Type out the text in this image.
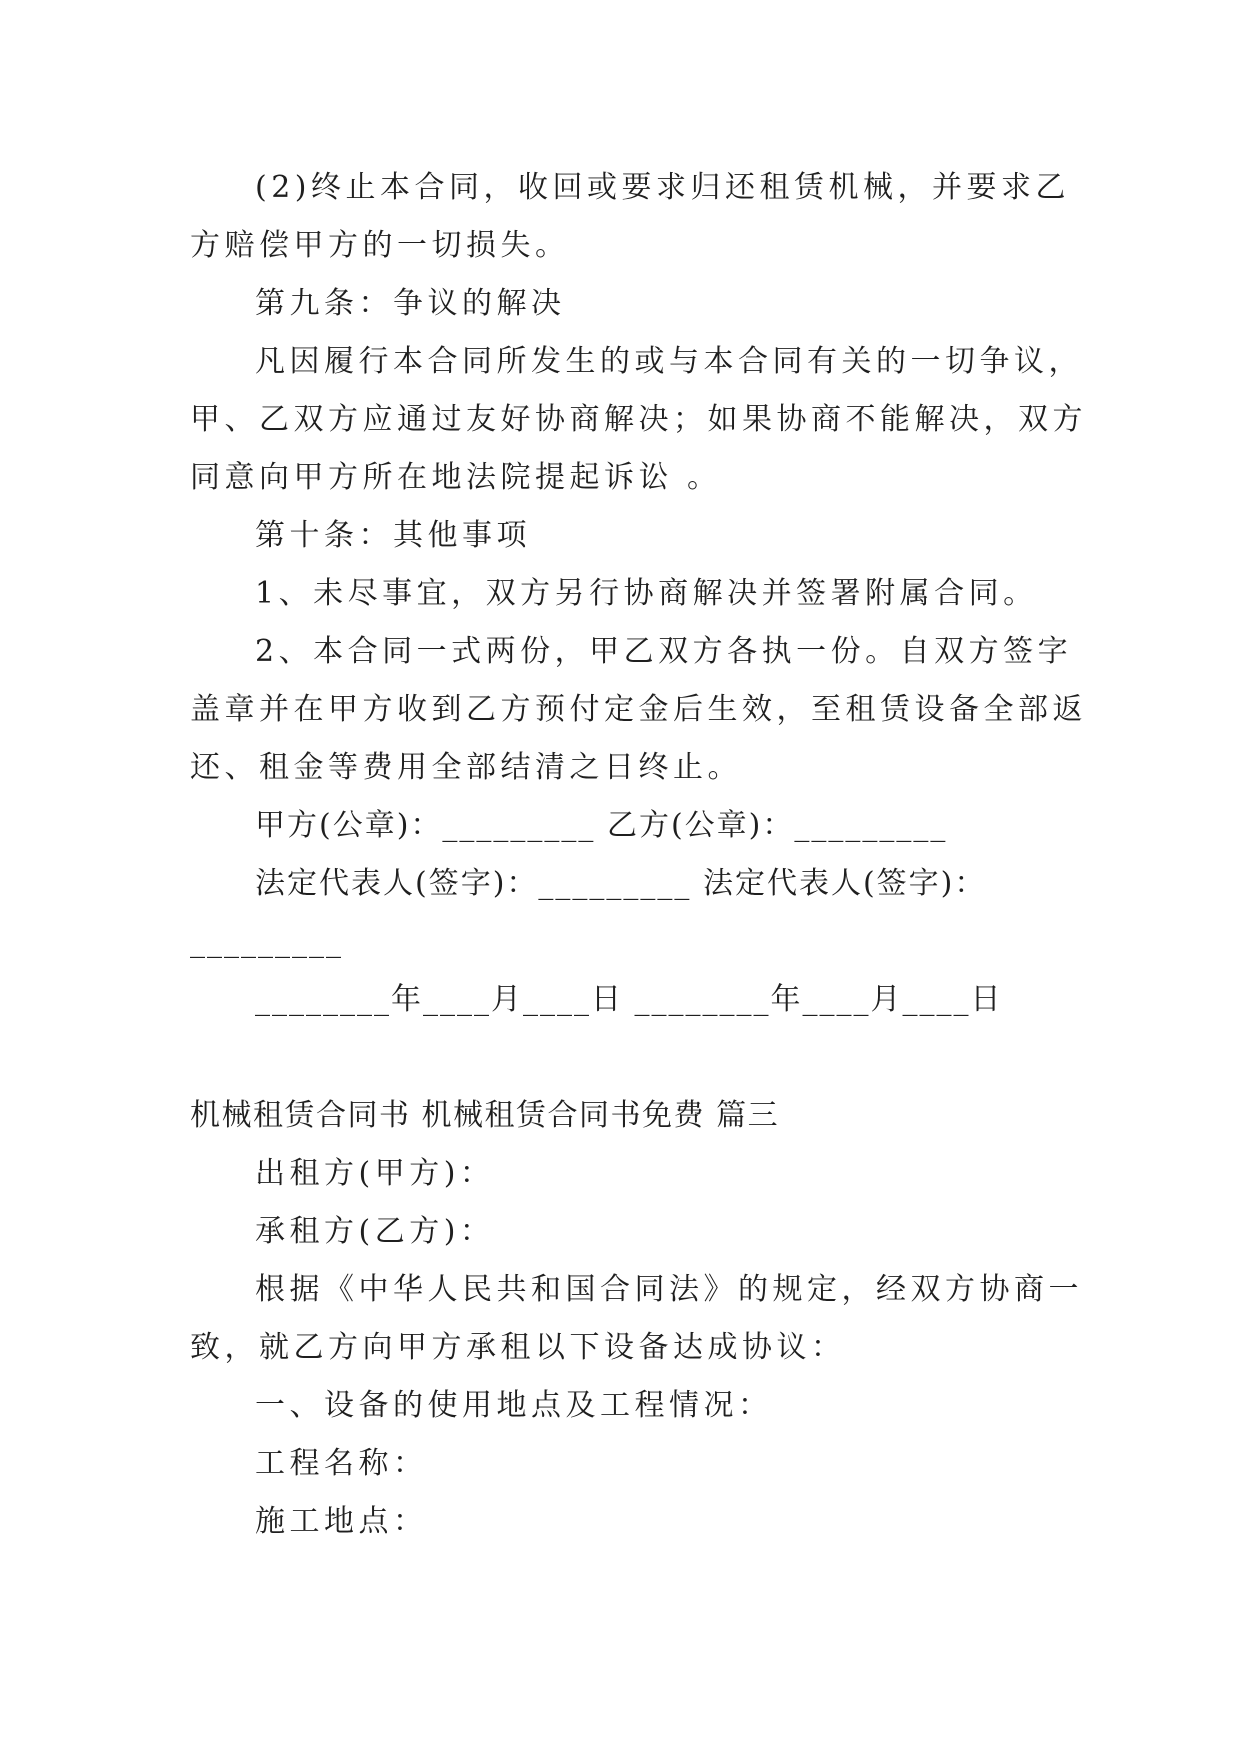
(2)终止本合同，收回或要求归还租赁机械，并要求乙
方赔偿甲方的一切损失。
第九条：争议的解决
凡因履行本合同所发生的或与本合同有关的一切争议，
甲、乙双方应通过友好协商解决；如果协商不能解决，双方
同意向甲方所在地法院提起诉讼 。
第十条：其他事项
1、未尽事宜，双方另行协商解决并签署附属合同。
2、本合同一式两份，甲乙双方各执一份。自双方签字
盖章并在甲方收到乙方预付定金后生效，至租赁设备全部返
还、租金等费用全部结清之日终止。
甲方(公章)：_________ 乙方(公章)：_________
法定代表人(签字)：_________ 法定代表人(签字)：
_________
________年____月____日 ________年____月____日
机械租赁合同书 机械租赁合同书免费 篇三
出租方(甲方)：
承租方(乙方)：
根据《中华人民共和国合同法》的规定，经双方协商一
致，就乙方向甲方承租以下设备达成协议：
一、设备的使用地点及工程情况：
工程名称：
施工地点：
